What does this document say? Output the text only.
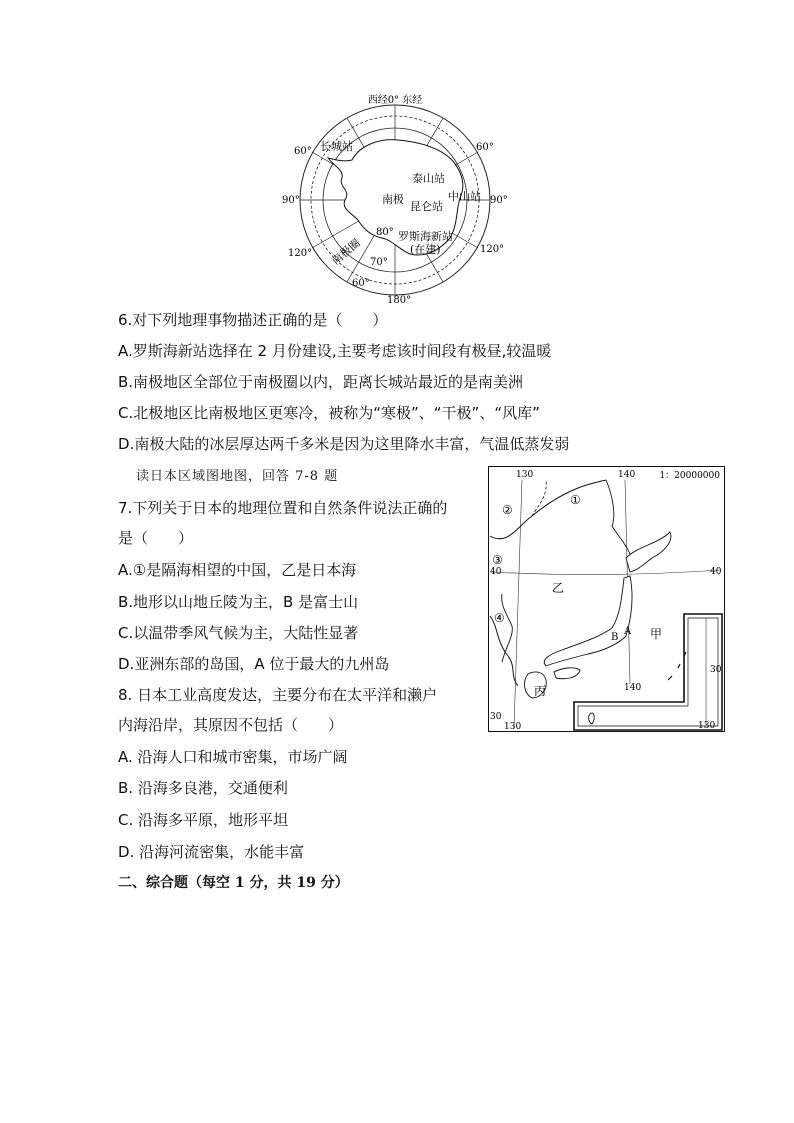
西经0° 东经
长城站
泰山站
中山站
南极
昆仑站
80°
70°
罗斯海新站
(在建)
南极圈
60°	60°
90°	90°
120°	120°
60°
180°
6.对下列地理事物描述正确的是（　　）
A.罗斯海新站选择在 2 月份建设,主要考虑该时间段有极昼,较温暖
B.南极地区全部位于南极圈以内，距离长城站最近的是南美洲
C.北极地区比南极地区更寒冷，被称为“寒极”、“干极”、“风库”
D.南极大陆的冰层厚达两千多米是因为这里降水丰富，气温低蒸发弱
读日本区域图地图，回答 7-8 题
7.下列关于日本的地理位置和自然条件说法正确的
是（　　）
A.①是隔海相望的中国，乙是日本海
B.地形以山地丘陵为主，B 是富士山
C.以温带季风气候为主，大陆性显著
D.亚洲东部的岛国，A 位于最大的九州岛
8. 日本工业高度发达，主要分布在太平洋和濑户
内海沿岸，其原因不包括（　　）
A. 沿海人口和城市密集，市场广阔
B. 沿海多良港，交通便利
C. 沿海多平原，地形平坦
D. 沿海河流密集，水能丰富
二、综合题（每空 1 分，共 19 分）
1：20000000
130	140
40	40
①
②
③
④
乙
甲
丙
A
B
140
30
30
130	130
